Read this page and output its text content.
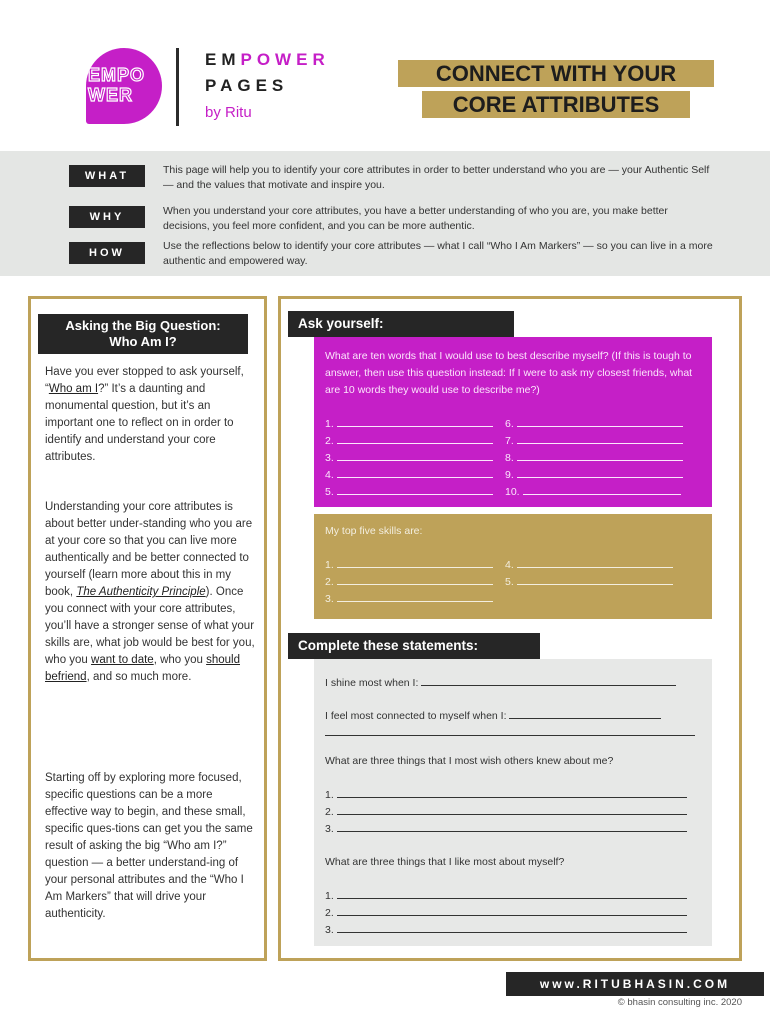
EMPO
WER
EMPOWER
PAGES
by Ritu
CONNECT WITH YOUR
CORE ATTRIBUTES
WHAT	This page will help you to identify your core attributes in order to better understand who you are — your Authentic Self — and the values that motivate and inspire you.
WHY	When you understand your core attributes, you have a better understanding of who you are, you make better decisions, you feel more confident, and you can be more authentic.
HOW
Use the reflections below to identify your core attributes — what I call “Who I Am Markers” — so you can live in a more authentic and empowered way.
Asking the Big Question:
Who Am I?

Have you ever stopped to ask yourself, “Who am I?” It’s a daunting and monumental question, but it’s an important one to reflect on in order to identify and understand your core attributes.

Understanding your core attributes is about better under-standing who you are at your core so that you can live more authentically and be better connected to yourself (learn more about this in my book, The Authenticity Principle). Once you connect with your core attributes, you’ll have a stronger sense of what your skills are, what job would be best for you, who you want to date, who you should befriend, and so much more.

Starting off by exploring more focused, specific questions can be a more effective way to begin, and these small, specific ques-tions can get you the same result of asking the big “Who am I?” question — a better understand-ing of your personal attributes and the “Who I Am Markers” that will drive your authenticity.

Ask yourself:
What are ten words that I would use to best describe myself? (If this is tough to answer, then use this question instead: If I were to ask my closest friends, what are 10 words they would use to describe me?)
1.
2.
3.
4.
5.
6.
7.
8.
9.
10.
My top five skills are:
1.
2.
3.
4.
5.
Complete these statements:
I shine most when I:
I feel most connected to myself when I:
What are three things that I most wish others knew about me?
1.
2.
3.
What are three things that I like most about myself?
1.
2.
3.
www.RITUBHASIN.COM
© bhasin consulting inc. 2020
